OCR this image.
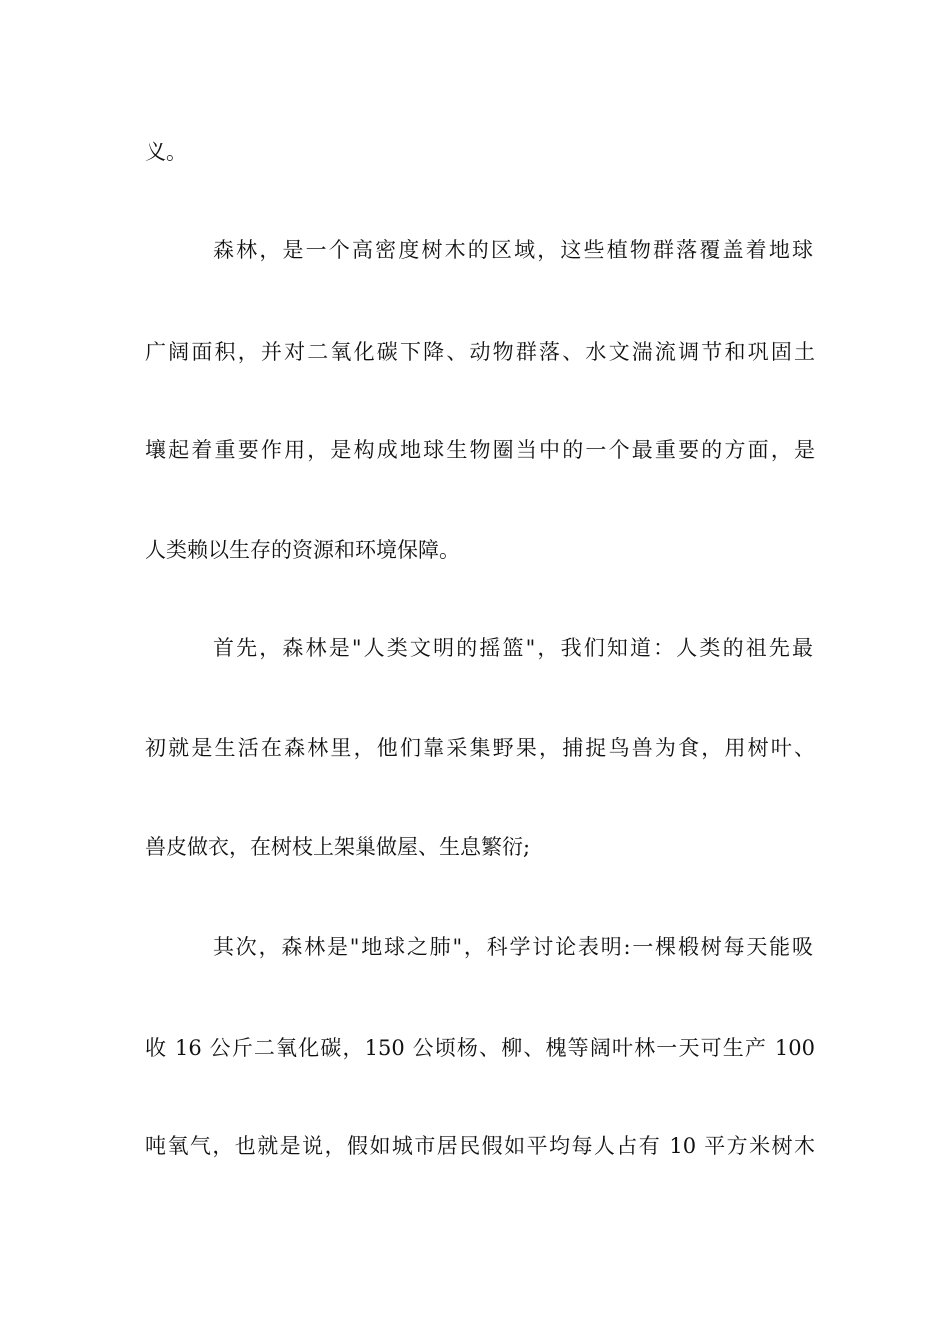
义。

森林，是一个高密度树木的区域，这些植物群落覆盖着地球

广阔面积，并对二氧化碳下降、动物群落、水文湍流调节和巩固土

壤起着重要作用，是构成地球生物圈当中的一个最重要的方面，是

人类赖以生存的资源和环境保障。

首先，森林是"人类文明的摇篮"，我们知道：人类的祖先最

初就是生活在森林里，他们靠采集野果，捕捉鸟兽为食，用树叶、

兽皮做衣，在树枝上架巢做屋、生息繁衍;

其次，森林是"地球之肺"，科学讨论表明:一棵椴树每天能吸

收 16 公斤二氧化碳，150 公顷杨、柳、槐等阔叶林一天可生产 100

吨氧气，也就是说，假如城市居民假如平均每人占有 10 平方米树木
